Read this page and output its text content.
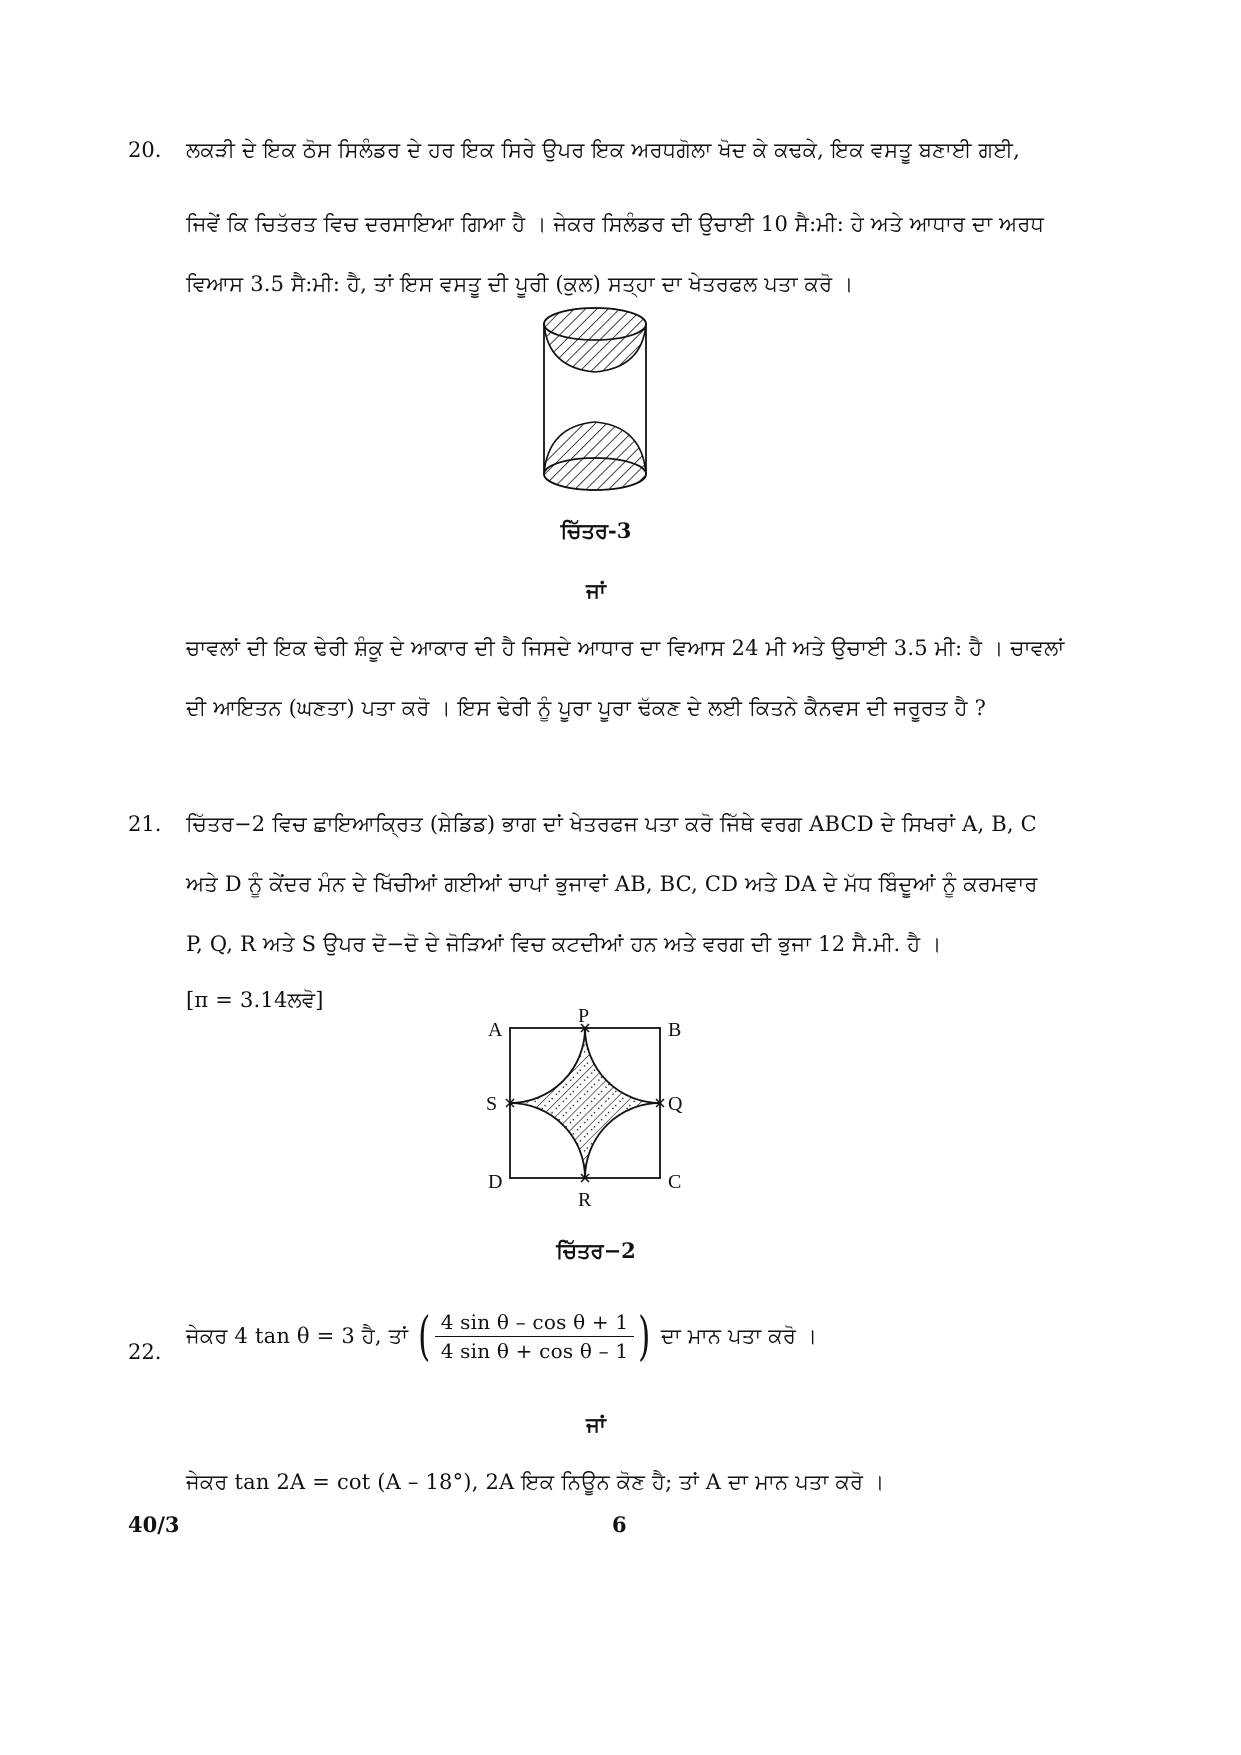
20. ਲਕੜੀ ਦੇ ਇਕ ਠੋਸ ਸਿਲੰਡਰ ਦੇ ਹਰ ਇਕ ਸਿਰੇ ਉਪਰ ਇਕ ਅਰਧਗੋਲਾ ਖੋਦ ਕੇ ਕਢਕੇ, ਇਕ ਵਸਤੂ ਬਣਾਈ ਗਈ,
ਜਿਵੇਂ ਕਿ ਚਿਤੱਰਤ ਵਿਚ ਦਰਸਾਇਆ ਗਿਆ ਹੈ । ਜੇਕਰ ਸਿਲੰਡਰ ਦੀ ਉਚਾਈ 10 ਸੈ:ਮੀ: ਹੇ ਅਤੇ ਆਧਾਰ ਦਾ ਅਰਧ
ਵਿਆਸ 3.5 ਸੈ:ਮੀ: ਹੈ, ਤਾਂ ਇਸ ਵਸਤੂ ਦੀ ਪੂਰੀ (ਕੁਲ) ਸਤ੍ਹਾ ਦਾ ਖੇਤਰਫਲ ਪਤਾ ਕਰੋ ।
ਚਿੱਤਰ-3
ਜਾਂ
ਚਾਵਲਾਂ ਦੀ ਇਕ ਢੇਰੀ ਸ਼ੰਕੂ ਦੇ ਆਕਾਰ ਦੀ ਹੈ ਜਿਸਦੇ ਆਧਾਰ ਦਾ ਵਿਆਸ 24 ਮੀ ਅਤੇ ਉਚਾਈ 3.5 ਮੀ: ਹੈ । ਚਾਵਲਾਂ
ਦੀ ਆਇਤਨ (ਘਣਤਾ) ਪਤਾ ਕਰੋ । ਇਸ ਢੇਰੀ ਨੂੰ ਪੂਰਾ ਪੂਰਾ ਢੱਕਣ ਦੇ ਲਈ ਕਿਤਨੇ ਕੈਨਵਸ ਦੀ ਜਰੂਰਤ ਹੈ ?
21. ਚਿੱਤਰ−2 ਵਿਚ ਛਾਇਆਕ੍ਰਿਤ (ਸ਼ੇਡਿਡ) ਭਾਗ ਦਾਂ ਖੇਤਰਫਜ ਪਤਾ ਕਰੋ ਜਿੱਥੇ ਵਰਗ ABCD ਦੇ ਸਿਖਰਾਂ A, B, C
ਅਤੇ D ਨੂੰ ਕੇਂਦਰ ਮੰਨ ਦੇ ਖਿੱਚੀਆਂ ਗਈਆਂ ਚਾਪਾਂ ਭੁਜਾਵਾਂ AB, BC, CD ਅਤੇ DA ਦੇ ਮੱਧ ਬਿੰਦੂਆਂ ਨੂੰ ਕਰਮਵਾਰ
P, Q, R ਅਤੇ S ਉਪਰ ਦੋ−ਦੋ ਦੇ ਜੋੜਿਆਂ ਵਿਚ ਕਟਦੀਆਂ ਹਨ ਅਤੇ ਵਰਗ ਦੀ ਭੁਜਾ 12 ਸੈ.ਮੀ. ਹੈ ।
[π = 3.14ਲਵੋ]
A	B
C
D
P
Q
R
S
ਚਿੱਤਰ−2
22.
ਜੇਕਰ 4 tan θ = 3 ਹੈ, ਤਾਂ ( $\frac{\text{4 sin θ – cos θ + 1}}{\text{4 sin θ + cos θ – 1}}$ ) ਦਾ ਮਾਨ ਪਤਾ ਕਰੋ ।
ਜਾਂ
ਜੇਕਰ tan 2A = cot (A – 18°), 2A ਇਕ ਨਿਊਨ ਕੋਣ ਹੈ; ਤਾਂ A ਦਾ ਮਾਨ ਪਤਾ ਕਰੋ ।
40/3	6
